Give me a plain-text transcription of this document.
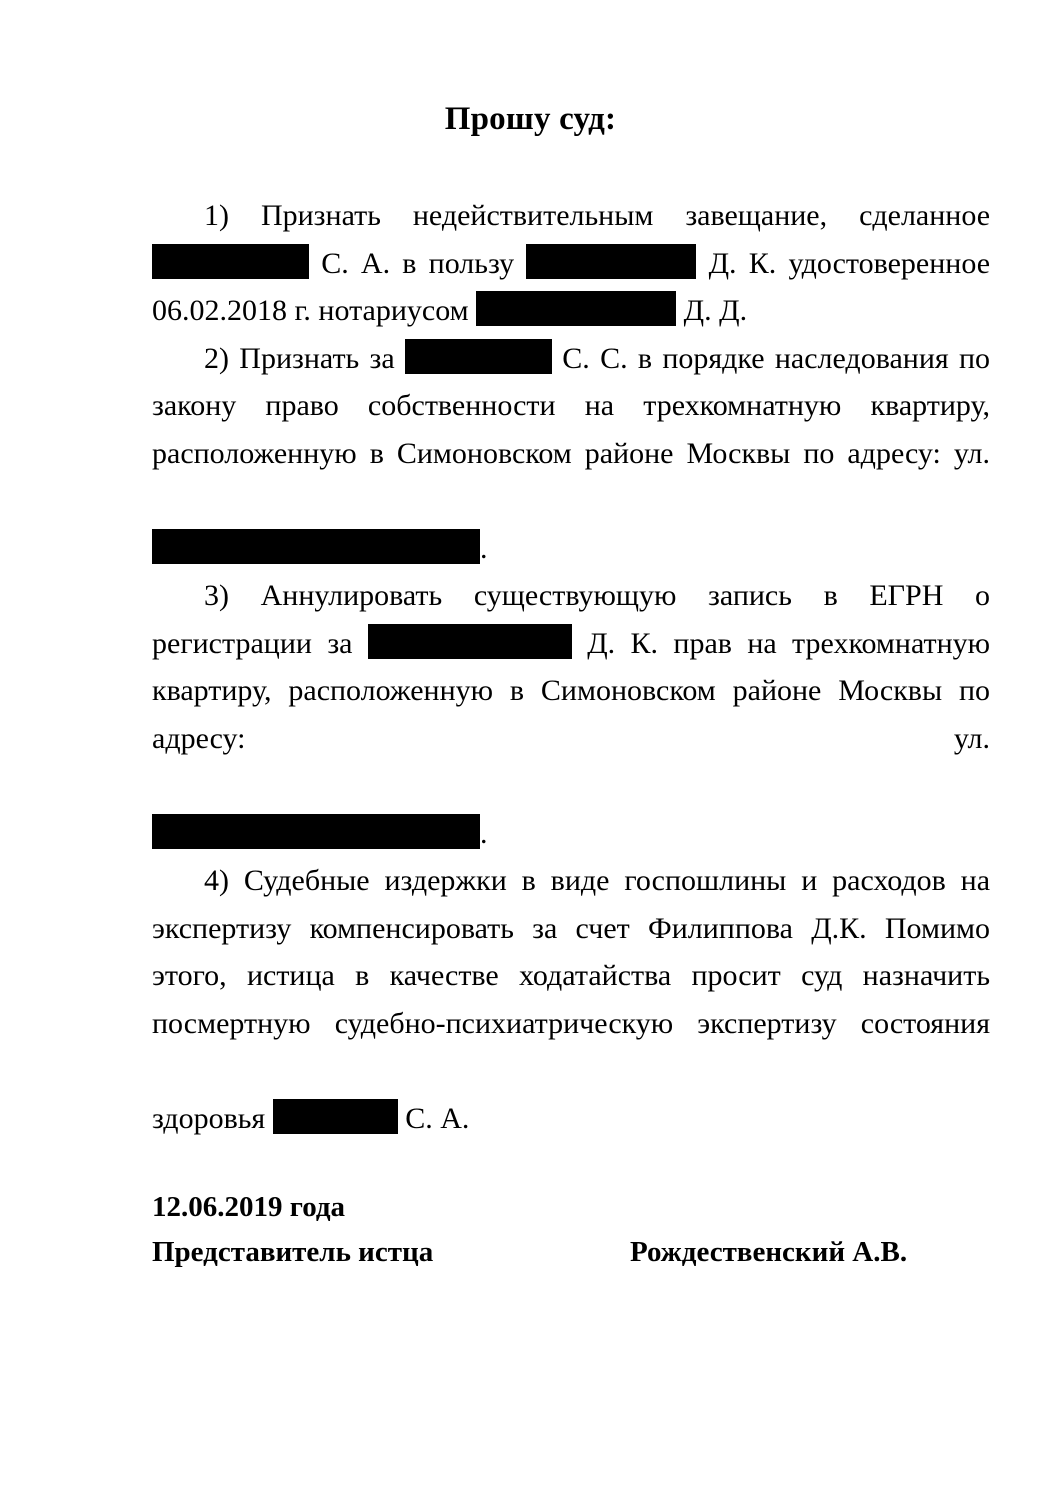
Прошу суд:

1) Признать недействительным завещание, сделанное  С. А. в пользу	Д. К. удостоверенное 06.02.2018 г. нотариусом	Д. Д.

2) Признать за	С. С. в порядке наследования по закону право собственности на трехкомнатную квартиру, расположенную в Симоновском районе Москвы по адресу: ул.  .

3) Аннулировать существующую запись в ЕГРН о регистрации за	Д. К. прав на трехкомнатную квартиру, расположенную в Симоновском районе Москвы по адресу: ул.  .

4) Судебные издержки в виде госпошлины и расходов на экспертизу компенсировать за счет Филиппова Д.К. Помимо этого, истица в качестве ходатайства просит суд назначить посмертную судебно-психиатрическую экспертизу состояния  здоровья	С. А.

12.06.2019 года
Представитель истца	Рождественский А.В.
